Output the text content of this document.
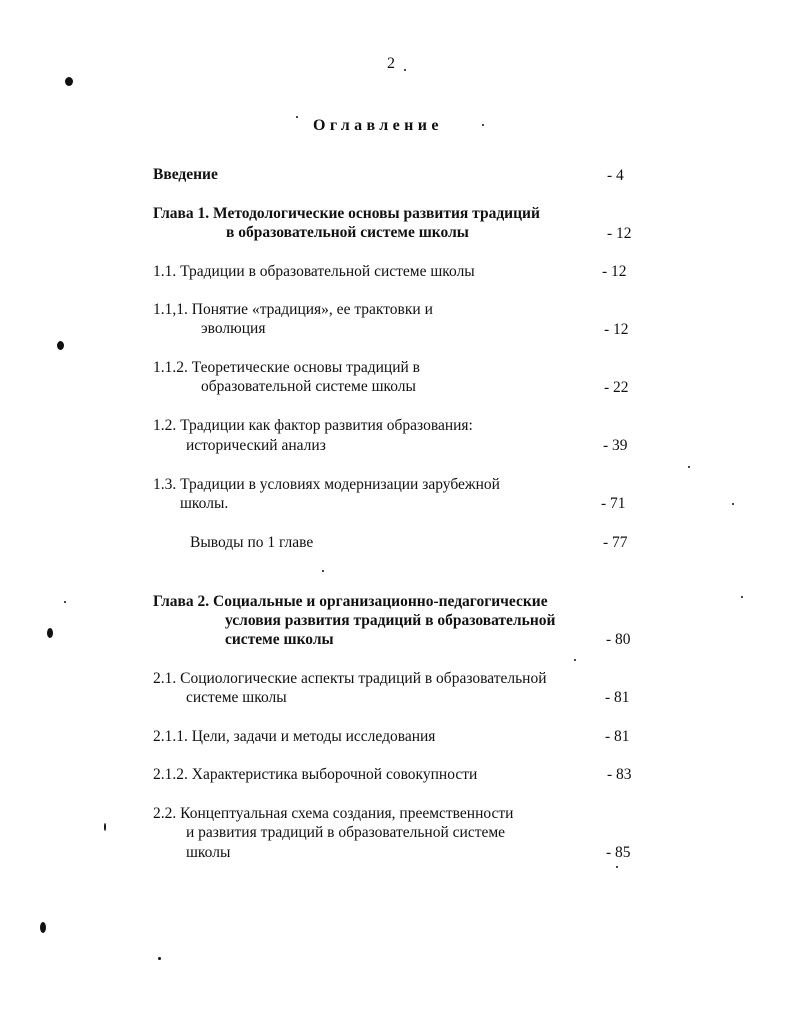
2
Оглавление
Введение	- 4
Глава 1. Методологические основы развития традиций
в образовательной системе школы	- 12
1.1. Традиции в образовательной системе школы	- 12
1.1,1. Понятие «традиция», ее трактовки и
эволюция	- 12
1.1.2. Теоретические основы традиций в
образовательной системе школы	- 22
1.2. Традиции как фактор развития образования:
исторический анализ	- 39
1.3. Традиции в условиях модернизации зарубежной
школы.	- 71
Выводы по 1 главе	- 77
Глава 2. Социальные и организационно-педагогические
условия развития традиций в образовательной
системе школы	- 80
2.1. Социологические аспекты традиций в образовательной
системе школы	- 81
2.1.1. Цели, задачи и методы исследования	- 81
2.1.2. Характеристика выборочной совокупности	- 83
2.2. Концептуальная схема создания, преемственности
и развития традиций в образовательной системе
школы	- 85
